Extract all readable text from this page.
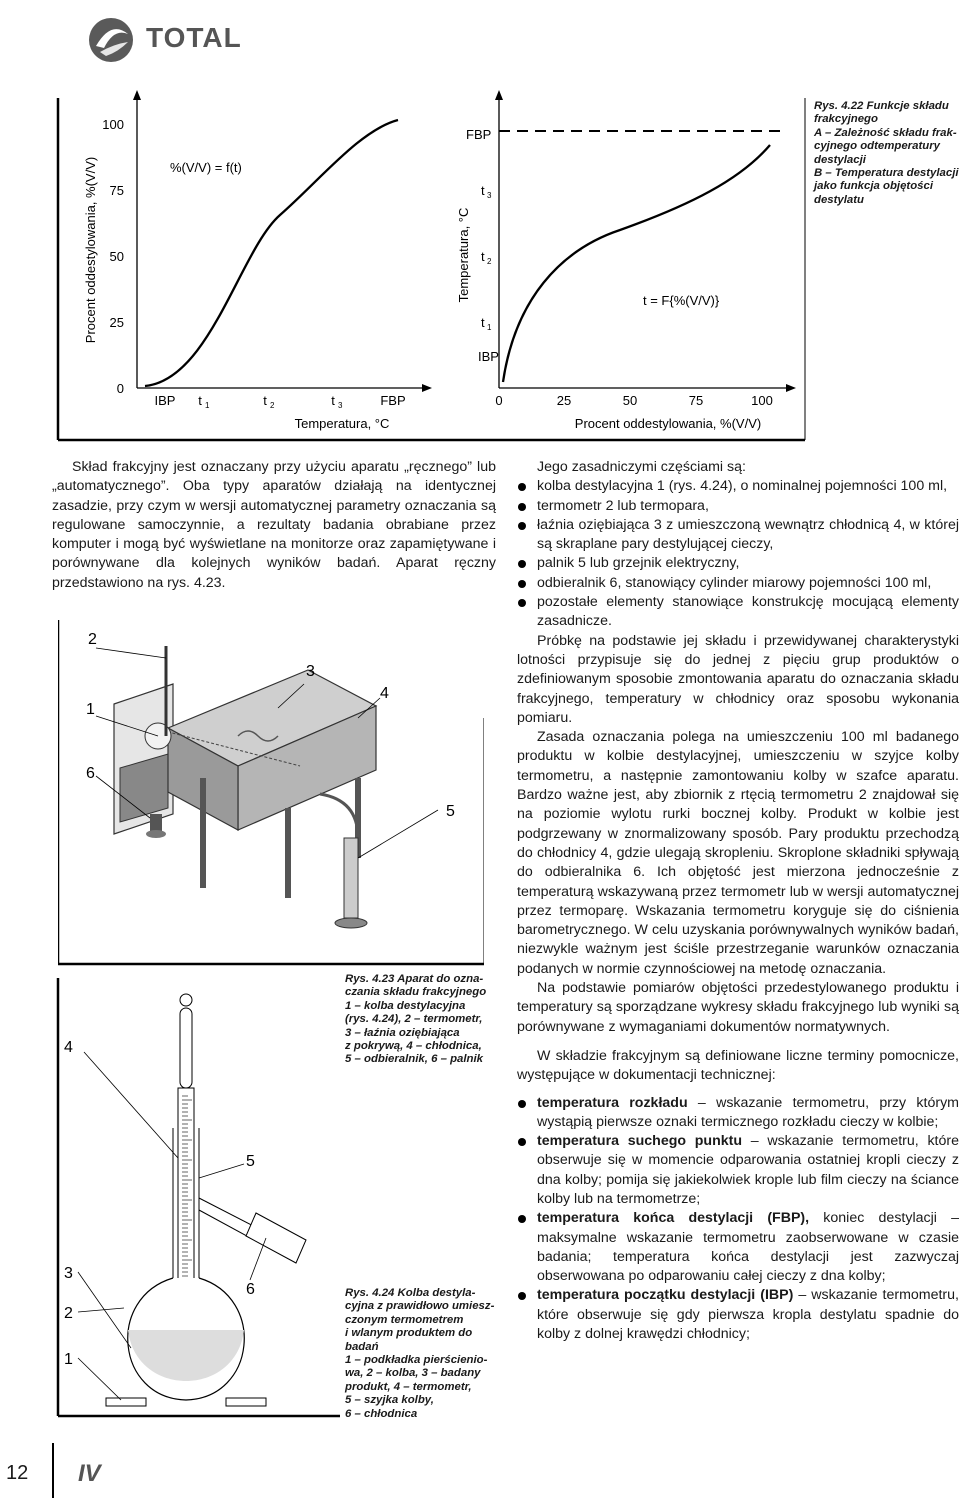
TOTAL
0
25
50
75
100
IBP t 1	t 2	t 3	FBP
Procent oddestylowania, %(V/V)
Temperatura, °C
%(V/V) = f(t)
IBP
t 1
t 2
t 3
FBP
0	25	50	75	100
Temperatura, °C
Procent oddestylowania, %(V/V)
t = F{%(V/V)}
Rys. 4.22 Funkcje składu
frakcyjnego
A – Zależność składu frak-
cyjnego odtemperatury
destylacji
B – Temperatura destylacji
jako funkcja objętości
destylatu

Skład frakcyjny jest oznaczany przy użyciu aparatu „ręcznego” lub „automatycznego”. Oba typy aparatów działają na identycznej zasadzie, przy czym w wersji automatycznej parametry oznaczania są regulowane samoczynnie, a rezultaty badania obrabiane przez komputer i mogą być wyświetlane na monitorze oraz zapamiętywane i porównywane dla kolejnych wyników badań. Aparat ręczny przedstawiono na rys. 4.23.

2
1
6
3
4
5
Rys. 4.23 Aparat do ozna-
czania składu frakcyjnego
1 – kolba destylacyjna
(rys. 4.24), 2 – termometr,
3 – łaźnia oziębiająca
z pokrywą, 4 – chłodnica,
5 – odbieralnik, 6 – palnik
4
5
6
3
2
1
Rys. 4.24 Kolba destyla-
cyjna z prawidłowo umiesz-
czonym termometrem
i wlanym produktem do
badań
1 – podkładka pierścienio-
wa, 2 – kolba, 3 – badany
produkt, 4 – termometr,
5 – szyjka kolby,
6 – chłodnica

Jego zasadniczymi częściami są:

kolba destylacyjna 1 (rys. 4.24), o nominalnej pojemności 100 ml,
termometr 2 lub termopara,
łaźnia oziębiająca 3 z umieszczoną wewnątrz chłodnicą 4, w której są skraplane pary destylującej cieczy,
palnik 5 lub grzejnik elektryczny,
odbieralnik 6, stanowiący cylinder miarowy pojemności 100 ml,
pozostałe elementy stanowiące konstrukcję mocującą elementy zasadnicze.

Próbkę na podstawie jej składu i przewidywanej charakterystyki lotności przypisuje się do jednej z pięciu grup produktów o zdefiniowanym sposobie zmontowania aparatu do oznaczania składu frakcyjnego, temperatury w chłodnicy oraz sposobu wykonania pomiaru.

Zasada oznaczania polega na umieszczeniu 100 ml badanego produktu w kolbie destylacyjnej, umieszczeniu w szyjce kolby termometru, a następnie zamontowaniu kolby w szafce aparatu. Bardzo ważne jest, aby zbiornik z rtęcią termometru 2 znajdował się na poziomie wylotu rurki bocznej kolby. Produkt w kolbie jest podgrzewany w znormalizowany sposób. Pary produktu przechodzą do chłodnicy 4, gdzie ulegają skropleniu. Skroplone składniki spływają do odbieralnika 6. Ich objętość jest mierzona jednocześnie z temperaturą wskazywaną przez termometr lub w wersji automatycznej przez termoparę. Wskazania termometru koryguje się do ciśnienia barometrycznego. W celu uzyskania porównywalnych wyników badań, niezwykle ważnym jest ściśle przestrzeganie warunków oznaczania podanych w normie czynnościowej na metodę oznaczania.

Na podstawie pomiarów objętości przedestylowanego produktu i temperatury są sporządzane wykresy składu frakcyjnego lub wyniki są porównywane z wymaganiami dokumentów normatywnych.

W składzie frakcyjnym są definiowane liczne terminy pomocnicze, występujące w dokumentacji technicznej:

temperatura rozkładu – wskazanie termometru, przy którym wystąpią pierwsze oznaki termicznego rozkładu cieczy w kolbie;
temperatura suchego punktu – wskazanie termometru, które obserwuje się w momencie odparowania ostatniej kropli cieczy z dna kolby; pomija się jakiekolwiek krople lub film cieczy na ściance kolby lub na termometrze;
temperatura końca destylacji (FBP), koniec destylacji – maksymalne wskazanie termometru zaobserwowane w czasie badania; temperatura końca destylacji jest zazwyczaj obserwowana po odparowaniu całej cieczy z dna kolby;
temperatura początku destylacji (IBP) – wskazanie termometru, które obserwuje się gdy pierwsza kropla destylatu spadnie do kolby z dolnej krawędzi chłodnicy;
12 IV
